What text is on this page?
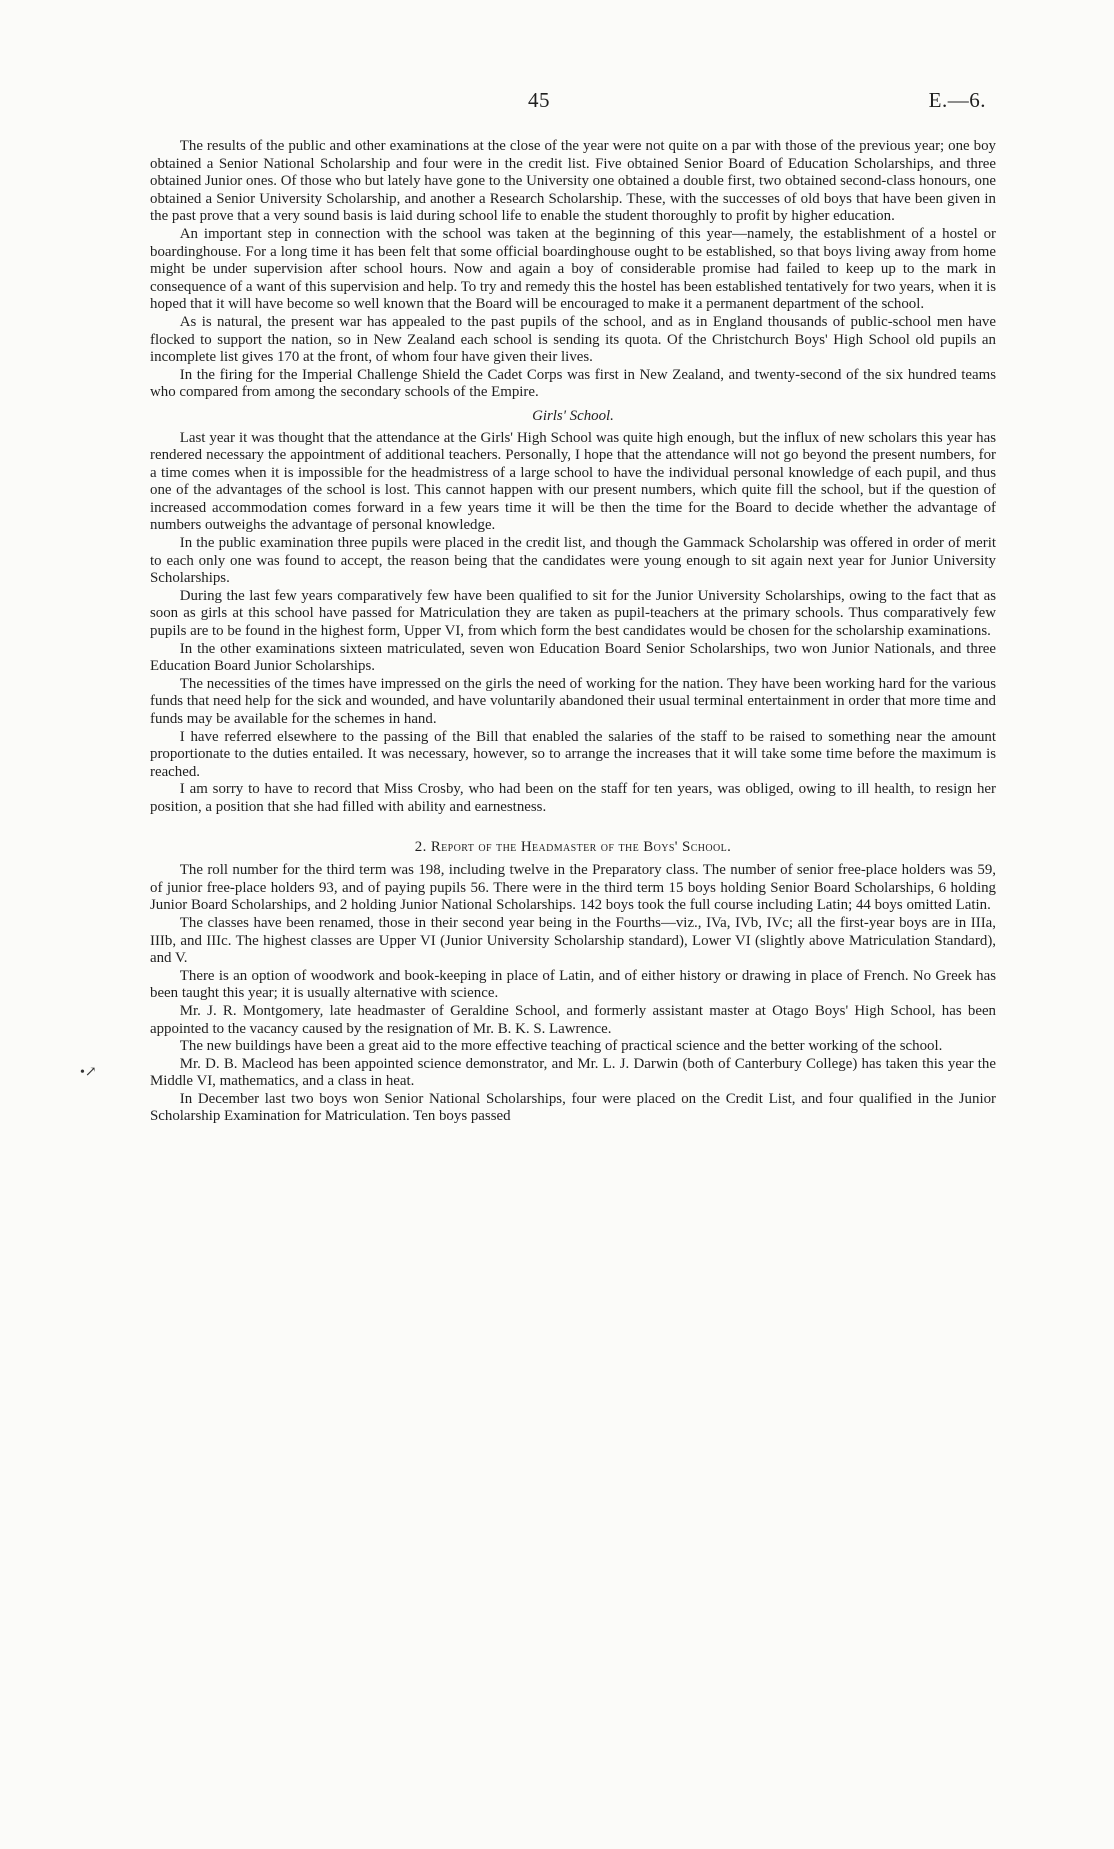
45	E.—6.
•↗

The results of the public and other examinations at the close of the year were not quite on a par with those of the previous year; one boy obtained a Senior National Scholarship and four were in the credit list. Five obtained Senior Board of Education Scholarships, and three obtained Junior ones. Of those who but lately have gone to the University one obtained a double first, two obtained second-class honours, one obtained a Senior University Scholarship, and another a Research Scholarship. These, with the successes of old boys that have been given in the past prove that a very sound basis is laid during school life to enable the student thoroughly to profit by higher education.

An important step in connection with the school was taken at the beginning of this year—namely, the establishment of a hostel or boardinghouse. For a long time it has been felt that some official boardinghouse ought to be established, so that boys living away from home might be under supervision after school hours. Now and again a boy of considerable promise had failed to keep up to the mark in consequence of a want of this supervision and help. To try and remedy this the hostel has been established tentatively for two years, when it is hoped that it will have become so well known that the Board will be encouraged to make it a permanent department of the school.

As is natural, the present war has appealed to the past pupils of the school, and as in England thousands of public-school men have flocked to support the nation, so in New Zealand each school is sending its quota. Of the Christchurch Boys' High School old pupils an incomplete list gives 170 at the front, of whom four have given their lives.

In the firing for the Imperial Challenge Shield the Cadet Corps was first in New Zealand, and twenty-second of the six hundred teams who compared from among the secondary schools of the Empire.

Girls' School.

Last year it was thought that the attendance at the Girls' High School was quite high enough, but the influx of new scholars this year has rendered necessary the appointment of additional teachers. Personally, I hope that the attendance will not go beyond the present numbers, for a time comes when it is impossible for the headmistress of a large school to have the individual personal knowledge of each pupil, and thus one of the advantages of the school is lost. This cannot happen with our present numbers, which quite fill the school, but if the question of increased accommodation comes forward in a few years time it will be then the time for the Board to decide whether the advantage of numbers outweighs the advantage of personal knowledge.

In the public examination three pupils were placed in the credit list, and though the Gammack Scholarship was offered in order of merit to each only one was found to accept, the reason being that the candidates were young enough to sit again next year for Junior University Scholarships.

During the last few years comparatively few have been qualified to sit for the Junior University Scholarships, owing to the fact that as soon as girls at this school have passed for Matriculation they are taken as pupil-teachers at the primary schools. Thus comparatively few pupils are to be found in the highest form, Upper VI, from which form the best candidates would be chosen for the scholarship examinations.

In the other examinations sixteen matriculated, seven won Education Board Senior Scholarships, two won Junior Nationals, and three Education Board Junior Scholarships.

The necessities of the times have impressed on the girls the need of working for the nation. They have been working hard for the various funds that need help for the sick and wounded, and have voluntarily abandoned their usual terminal entertainment in order that more time and funds may be available for the schemes in hand.

I have referred elsewhere to the passing of the Bill that enabled the salaries of the staff to be raised to something near the amount proportionate to the duties entailed. It was necessary, however, so to arrange the increases that it will take some time before the maximum is reached.

I am sorry to have to record that Miss Crosby, who had been on the staff for ten years, was obliged, owing to ill health, to resign her position, a position that she had filled with ability and earnestness.

2. Report of the Headmaster of the Boys' School.

The roll number for the third term was 198, including twelve in the Preparatory class. The number of senior free-place holders was 59, of junior free-place holders 93, and of paying pupils 56. There were in the third term 15 boys holding Senior Board Scholarships, 6 holding Junior Board Scholarships, and 2 holding Junior National Scholarships. 142 boys took the full course including Latin; 44 boys omitted Latin.

The classes have been renamed, those in their second year being in the Fourths—viz., IVa, IVb, IVc; all the first-year boys are in IIIa, IIIb, and IIIc. The highest classes are Upper VI (Junior University Scholarship standard), Lower VI (slightly above Matriculation Standard), and V.

There is an option of woodwork and book-keeping in place of Latin, and of either history or drawing in place of French. No Greek has been taught this year; it is usually alternative with science.

Mr. J. R. Montgomery, late headmaster of Geraldine School, and formerly assistant master at Otago Boys' High School, has been appointed to the vacancy caused by the resignation of Mr. B. K. S. Lawrence.

The new buildings have been a great aid to the more effective teaching of practical science and the better working of the school.

Mr. D. B. Macleod has been appointed science demonstrator, and Mr. L. J. Darwin (both of Canterbury College) has taken this year the Middle VI, mathematics, and a class in heat.

In December last two boys won Senior National Scholarships, four were placed on the Credit List, and four qualified in the Junior Scholarship Examination for Matriculation. Ten boys passed
